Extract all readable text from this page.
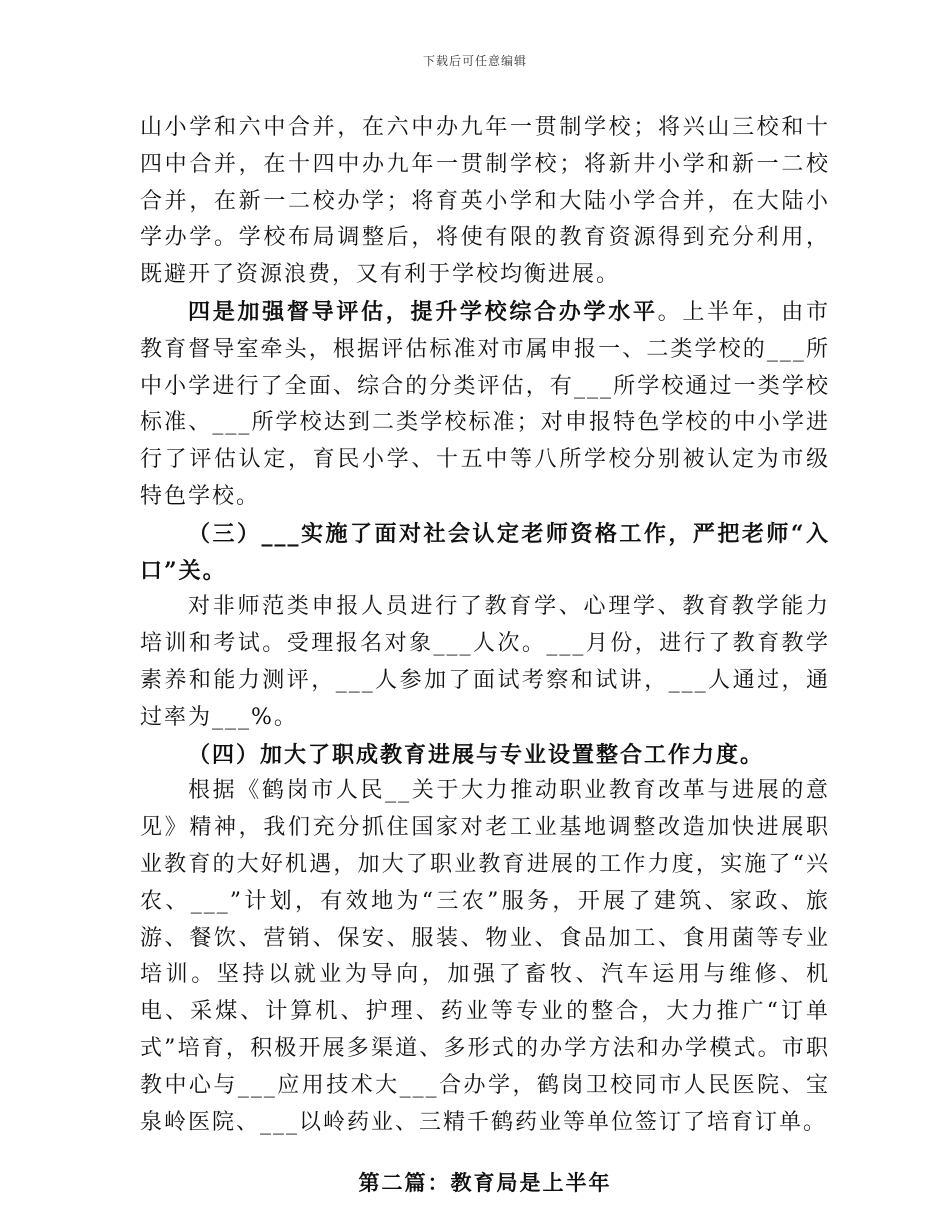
下载后可任意编辑

山小学和六中合并，在六中办九年一贯制学校；将兴山三校和十四中合并，在十四中办九年一贯制学校；将新井小学和新一二校合并，在新一二校办学；将育英小学和大陆小学合并，在大陆小学办学。学校布局调整后，将使有限的教育资源得到充分利用，既避开了资源浪费，又有利于学校均衡进展。

四是加强督导评估，提升学校综合办学水平。上半年，由市教育督导室牵头，根据评估标准对市属申报一、二类学校的___所中小学进行了全面、综合的分类评估，有___所学校通过一类学校标准、___所学校达到二类学校标准；对申报特色学校的中小学进行了评估认定，育民小学、十五中等八所学校分别被认定为市级特色学校。

（三）___实施了面对社会认定老师资格工作，严把老师“入口”关。

对非师范类申报人员进行了教育学、心理学、教育教学能力培训和考试。受理报名对象___人次。___月份，进行了教育教学素养和能力测评，___人参加了面试考察和试讲，___人通过，通过率为___%。

（四）加大了职成教育进展与专业设置整合工作力度。

根据《鹤岗市人民__关于大力推动职业教育改革与进展的意见》精神，我们充分抓住国家对老工业基地调整改造加快进展职业教育的大好机遇，加大了职业教育进展的工作力度，实施了“兴农、___”计划，有效地为“三农”服务，开展了建筑、家政、旅游、餐饮、营销、保安、服装、物业、食品加工、食用菌等专业培训。坚持以就业为导向，加强了畜牧、汽车运用与维修、机电、采煤、计算机、护理、药业等专业的整合，大力推广“订单式”培育，积极开展多渠道、多形式的办学方法和办学模式。市职教中心与___应用技术大___合办学，鹤岗卫校同市人民医院、宝泉岭医院、___以岭药业、三精千鹤药业等单位签订了培育订单。

第二篇：教育局是上半年
